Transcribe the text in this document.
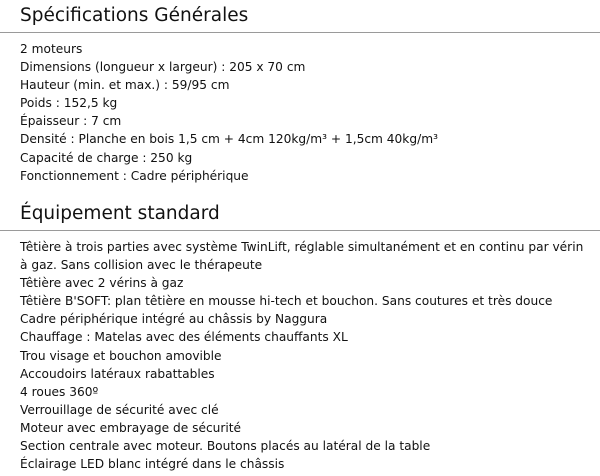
Spécifications Générales
2 moteurs
Dimensions (longueur x largeur) : 205 x 70 cm
Hauteur (min. et max.) : 59/95 cm
Poids : 152,5 kg
Épaisseur : 7 cm
Densité : Planche en bois 1,5 cm + 4cm 120kg/m³ + 1,5cm 40kg/m³
Capacité de charge : 250 kg
Fonctionnement : Cadre périphérique
Équipement standard
Têtière à trois parties avec système TwinLift, réglable simultanément et en continu par vérin
à gaz. Sans collision avec le thérapeute
Têtière avec 2 vérins à gaz
Têtière B'SOFT: plan têtière en mousse hi-tech et bouchon. Sans coutures et très douce
Cadre périphérique intégré au châssis by Naggura
Chauffage : Matelas avec des éléments chauffants XL
Trou visage et bouchon amovible
Accoudoirs latéraux rabattables
4 roues 360º
Verrouillage de sécurité avec clé
Moteur avec embrayage de sécurité
Section centrale avec moteur. Boutons placés au latéral de la table
Éclairage LED blanc intégré dans le châssis
